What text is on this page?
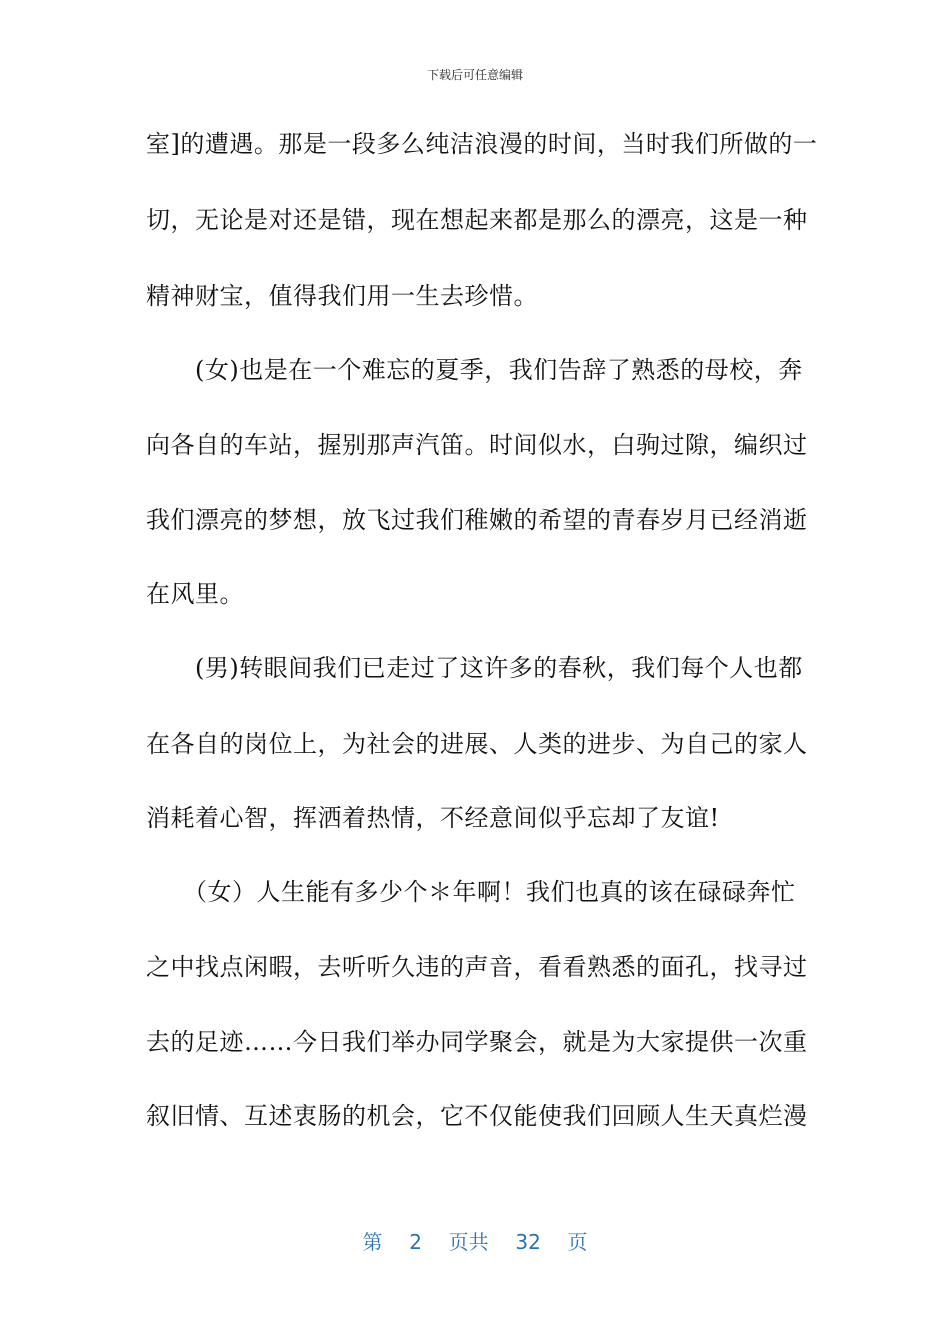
下载后可任意编辑
室]的遭遇。那是一段多么纯洁浪漫的时间，当时我们所做的一
切，无论是对还是错，现在想起来都是那么的漂亮，这是一种
精神财宝，值得我们用一生去珍惜。
　　(女)也是在一个难忘的夏季，我们告辞了熟悉的母校，奔
向各自的车站，握别那声汽笛。时间似水，白驹过隙，编织过
我们漂亮的梦想，放飞过我们稚嫩的希望的青春岁月已经消逝
在风里。
　　(男)转眼间我们已走过了这许多的春秋，我们每个人也都
在各自的岗位上，为社会的进展、人类的进步、为自己的家人
消耗着心智，挥洒着热情，不经意间似乎忘却了友谊!
　　（女）人生能有多少个＊年啊！我们也真的该在碌碌奔忙
之中找点闲暇，去听听久违的声音，看看熟悉的面孔，找寻过
去的足迹……今日我们举办同学聚会，就是为大家提供一次重
叙旧情、互述衷肠的机会，它不仅能使我们回顾人生天真烂漫
第 2 页共 32 页
